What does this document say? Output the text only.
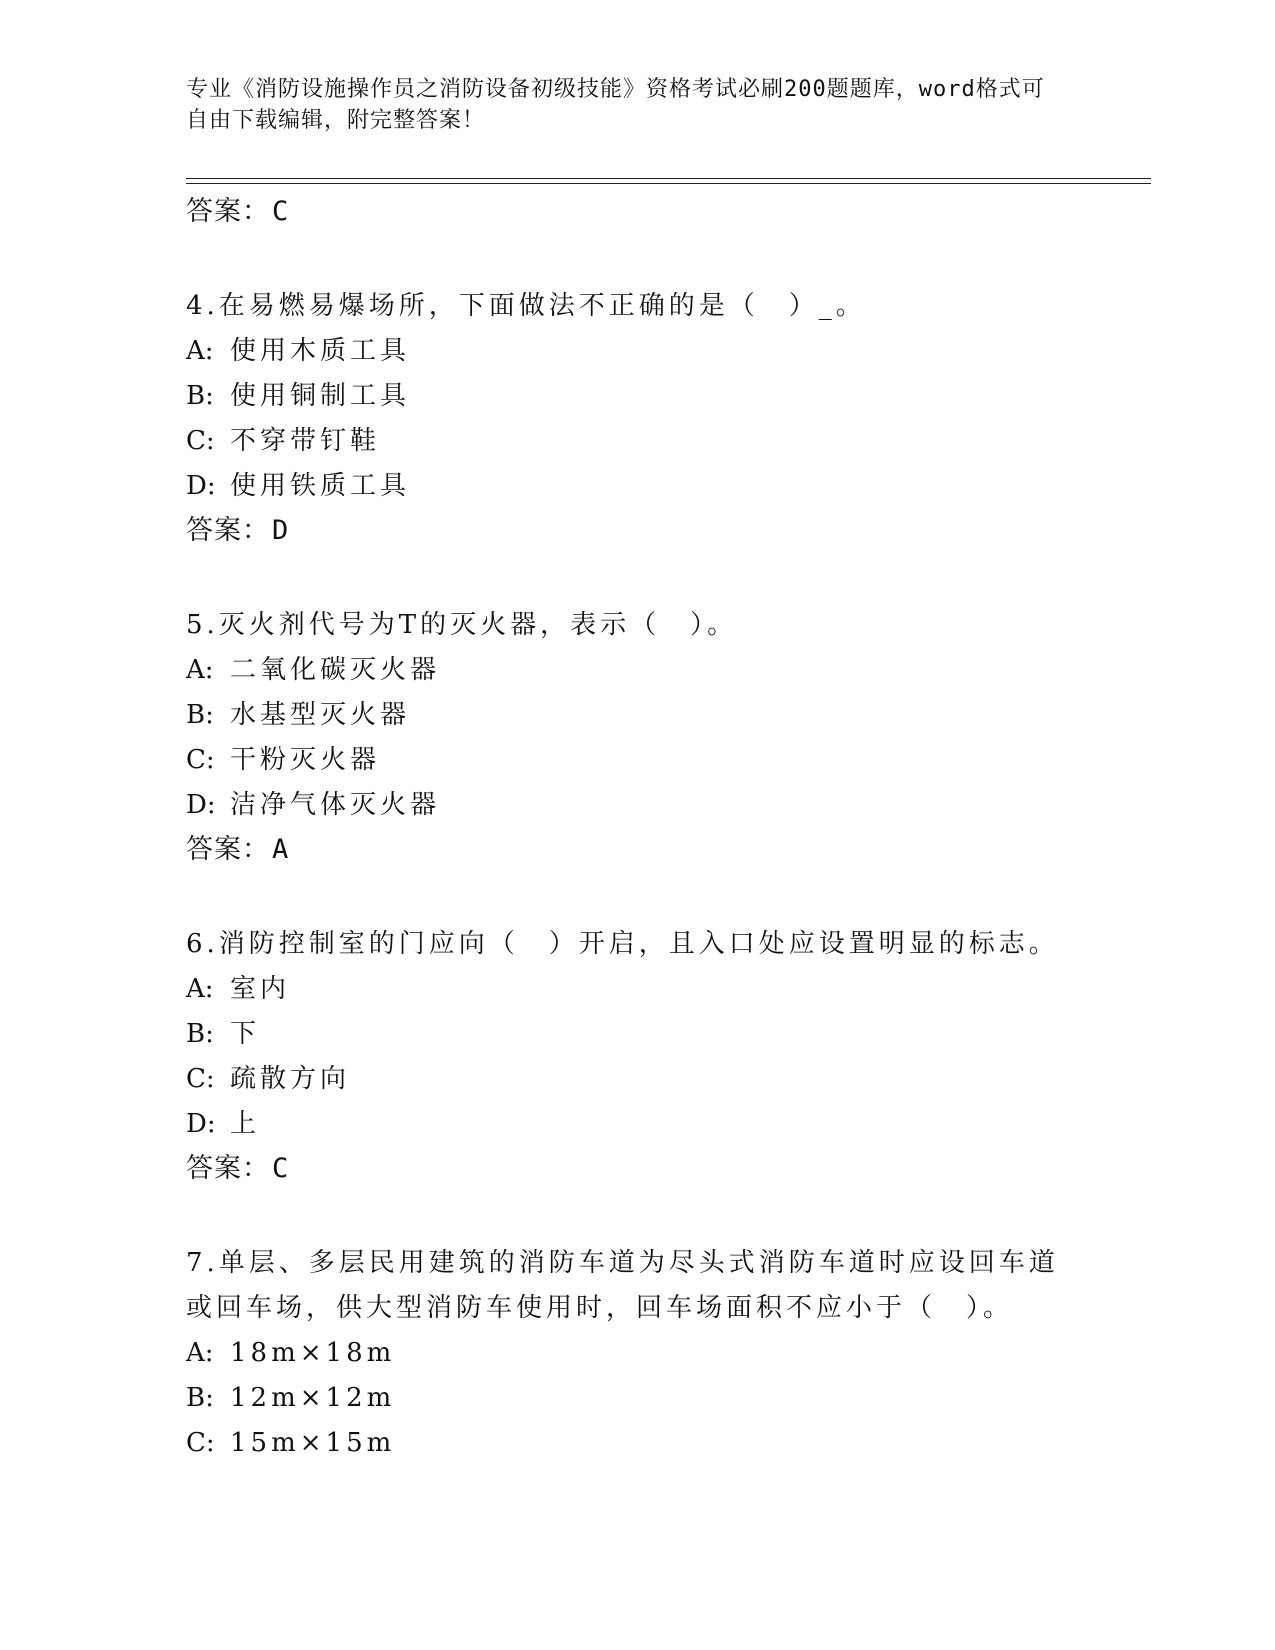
专业《消防设施操作员之消防设备初级技能》资格考试必刷200题题库，word格式可自由下载编辑，附完整答案！
答案：C
4.在易燃易爆场所，下面做法不正确的是（　）_。
A: 使用木质工具
B: 使用铜制工具
C: 不穿带钉鞋
D: 使用铁质工具
答案：D
5.灭火剂代号为T的灭火器，表示（　）。
A: 二氧化碳灭火器
B: 水基型灭火器
C: 干粉灭火器
D: 洁净气体灭火器
答案：A
6.消防控制室的门应向（　）开启，且入口处应设置明显的标志。
A: 室内
B: 下
C: 疏散方向
D: 上
答案：C
7.单层、多层民用建筑的消防车道为尽头式消防车道时应设回车道或回车场，供大型消防车使用时，回车场面积不应小于（　）。
A: 18m×18m
B: 12m×12m
C: 15m×15m
